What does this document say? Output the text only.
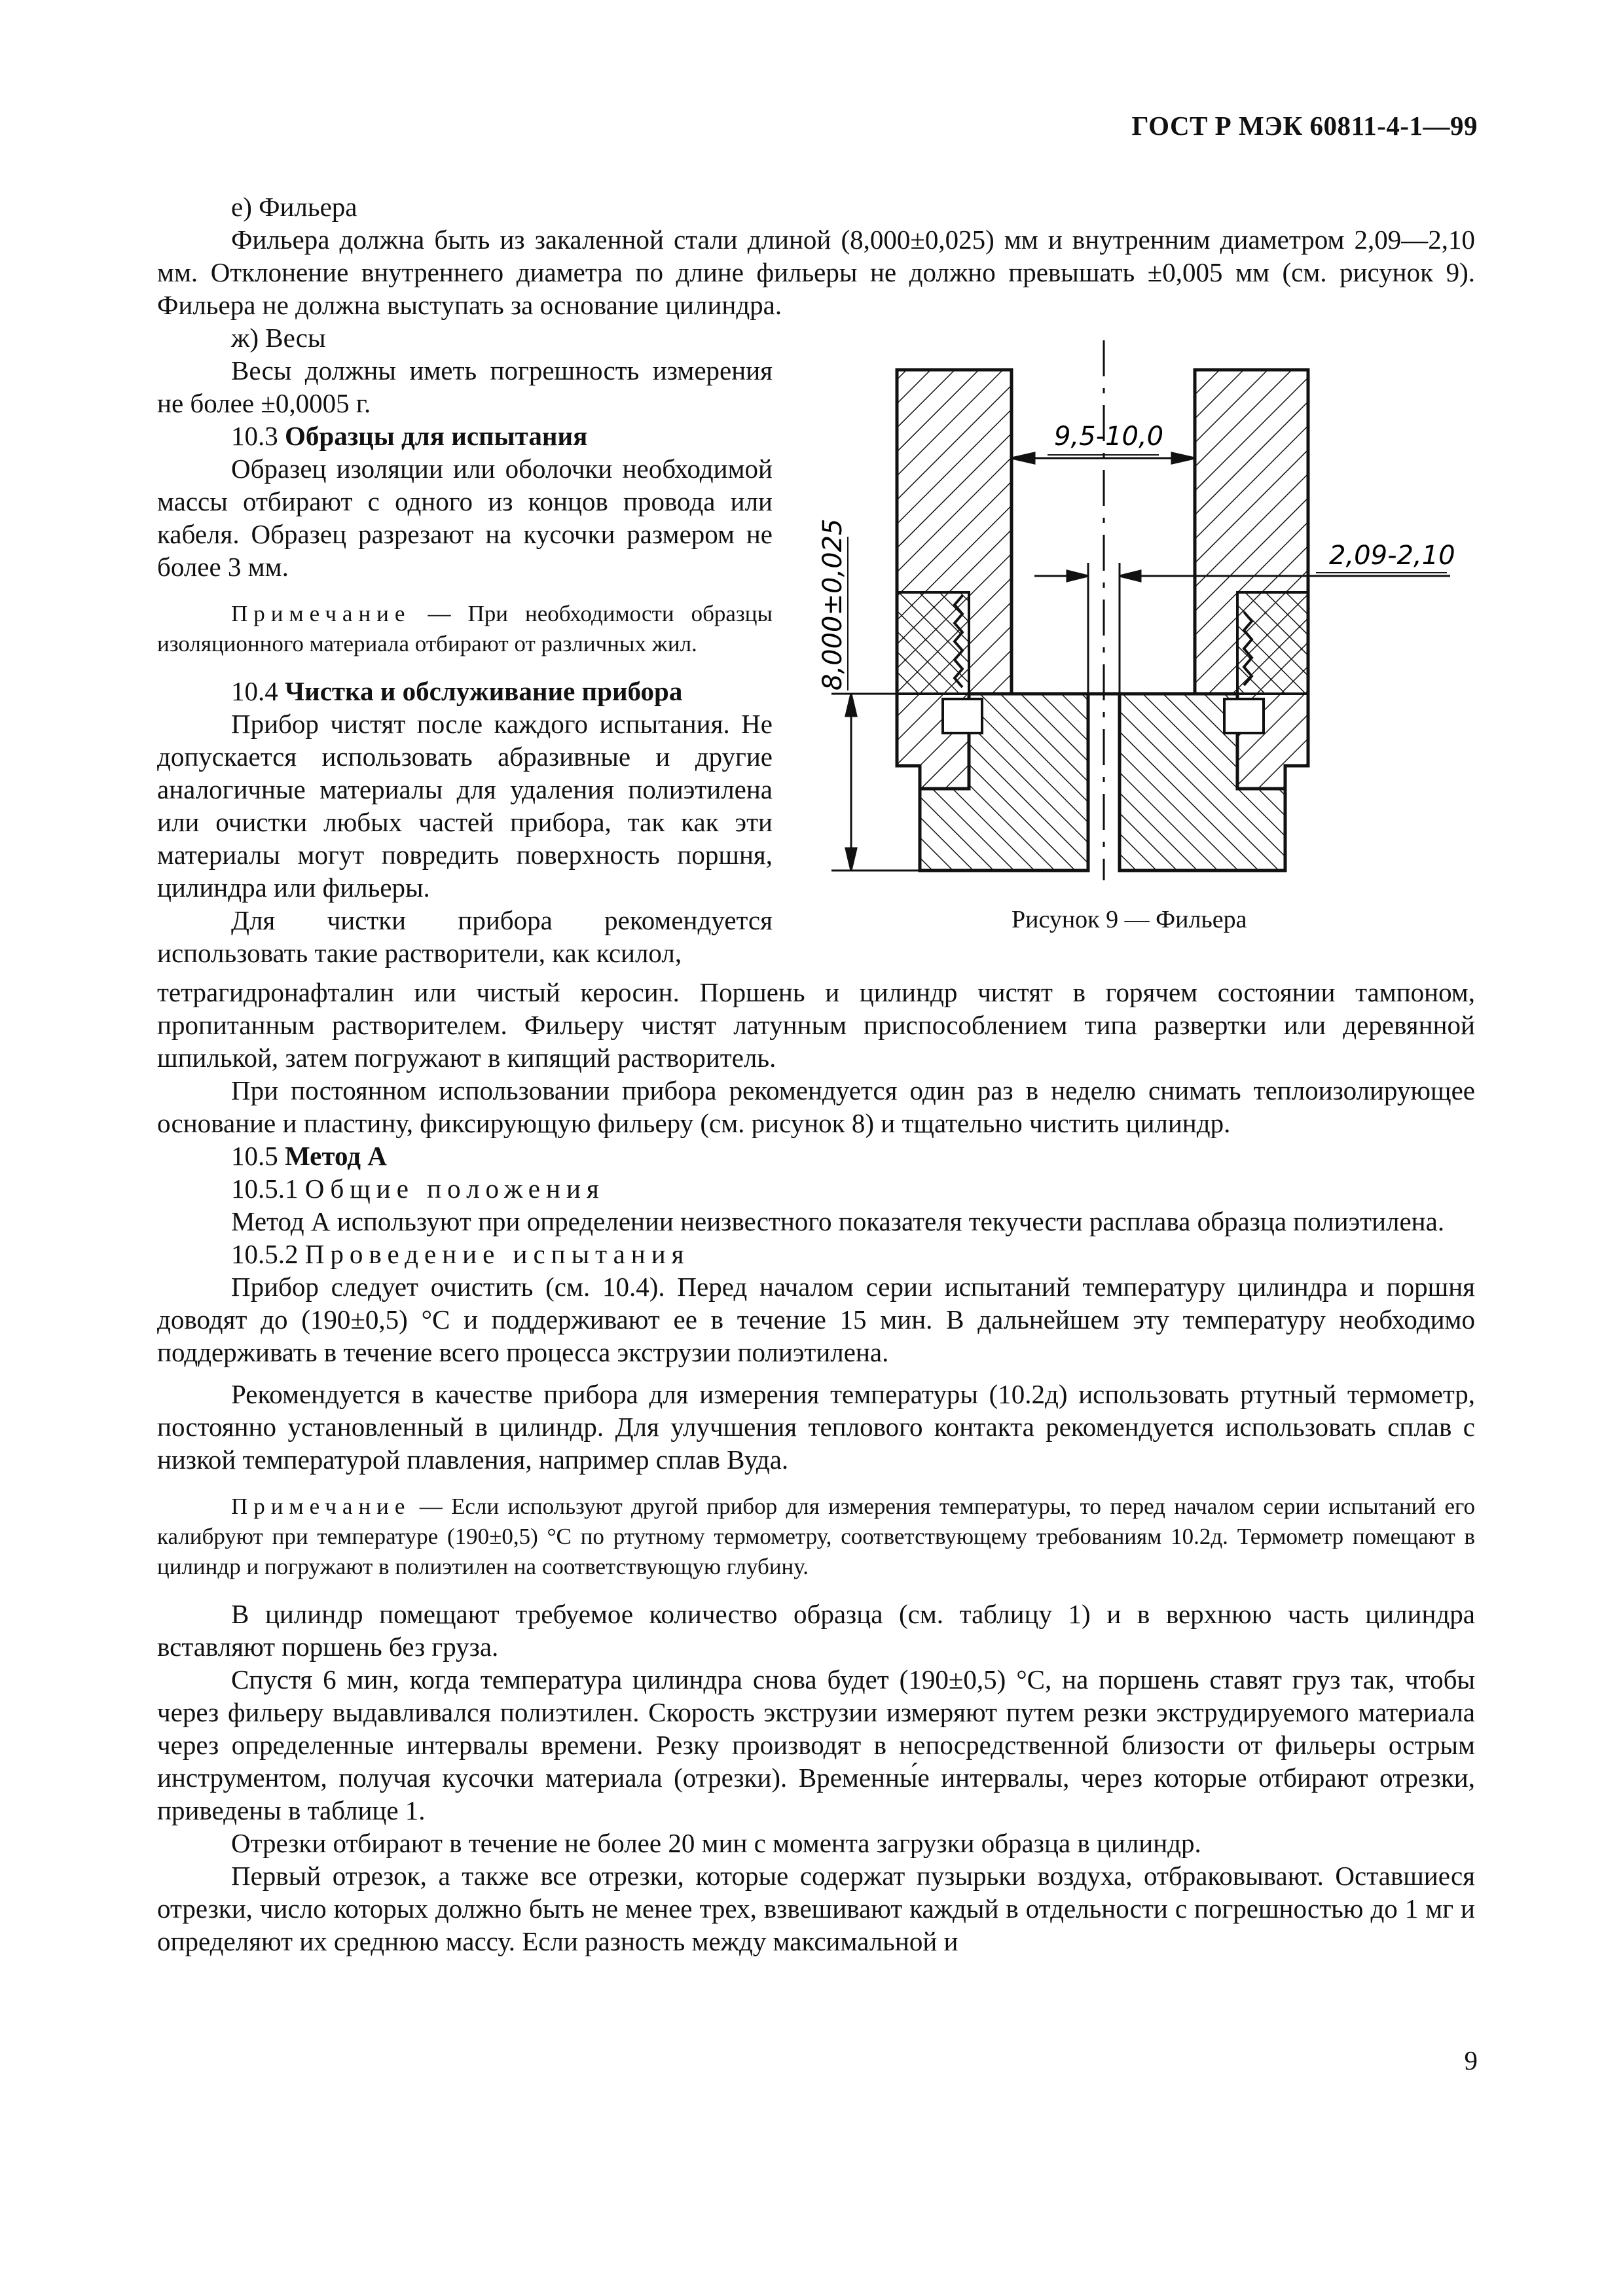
ГОСТ Р МЭК 60811-4-1—99

е) Фильера

Фильера должна быть из закаленной стали длиной (8,000±0,025) мм и внутренним диаметром 2,09—2,10 мм. Отклонение внутреннего диаметра по длине фильеры не должно превышать ±0,005 мм (см. рисунок 9). Фильера не должна выступать за основание цилиндра.

ж) Весы

Весы должны иметь погрешность измерения не более ±0,0005 г.

10.3 Образцы для испытания

Образец изоляции или оболочки необходимой массы отбирают с одного из концов провода или кабеля. Образец разрезают на кусочки размером не более 3 мм.

Примечание — При необходимости образцы изоляционного материала отбирают от различных жил.

10.4 Чистка и обслуживание прибора

Прибор чистят после каждого испытания. Не допускается использовать абразивные и другие аналогичные материалы для удаления полиэтилена или очистки любых частей прибора, так как эти материалы могут повредить поверхность поршня, цилиндра или фильеры.

Для чистки прибора рекомендуется использовать такие растворители, как ксилол,

9,5-10,0
2,09-2,10
8,000±0,025
Рисунок 9 — Фильера

тетрагидронафталин или чистый керосин. Поршень и цилиндр чистят в горячем состоянии тампоном, пропитанным растворителем. Фильеру чистят латунным приспособлением типа развертки или деревянной шпилькой, затем погружают в кипящий растворитель.

При постоянном использовании прибора рекомендуется один раз в неделю снимать теплоизолирующее основание и пластину, фиксирующую фильеру (см. рисунок 8) и тщательно чистить цилиндр.

10.5 Метод А

10.5.1 Общие положения

Метод А используют при определении неизвестного показателя текучести расплава образца полиэтилена.

10.5.2 Проведение испытания

Прибор следует очистить (см. 10.4). Перед началом серии испытаний температуру цилиндра и поршня доводят до (190±0,5) °С и поддерживают ее в течение 15 мин. В дальнейшем эту температуру необходимо поддерживать в течение всего процесса экструзии полиэтилена.

Рекомендуется в качестве прибора для измерения температуры (10.2д) использовать ртутный термометр, постоянно установленный в цилиндр. Для улучшения теплового контакта рекомендуется использовать сплав с низкой температурой плавления, например сплав Вуда.

Примечание — Если используют другой прибор для измерения температуры, то перед началом серии испытаний его калибруют при температуре (190±0,5) °С по ртутному термометру, соответствующему требованиям 10.2д. Термометр помещают в цилиндр и погружают в полиэтилен на соответствующую глубину.

В цилиндр помещают требуемое количество образца (см. таблицу 1) и в верхнюю часть цилиндра вставляют поршень без груза.

Спустя 6 мин, когда температура цилиндра снова будет (190±0,5) °С, на поршень ставят груз так, чтобы через фильеру выдавливался полиэтилен. Скорость экструзии измеряют путем резки экструдируемого материала через определенные интервалы времени. Резку производят в непосредственной близости от фильеры острым инструментом, получая кусочки материала (отрезки). Временны́е интервалы, через которые отбирают отрезки, приведены в таблице 1.

Отрезки отбирают в течение не более 20 мин с момента загрузки образца в цилиндр.

Первый отрезок, а также все отрезки, которые содержат пузырьки воздуха, отбраковывают. Оставшиеся отрезки, число которых должно быть не менее трех, взвешивают каждый в отдельности с погрешностью до 1 мг и определяют их среднюю массу. Если разность между максимальной и

9
